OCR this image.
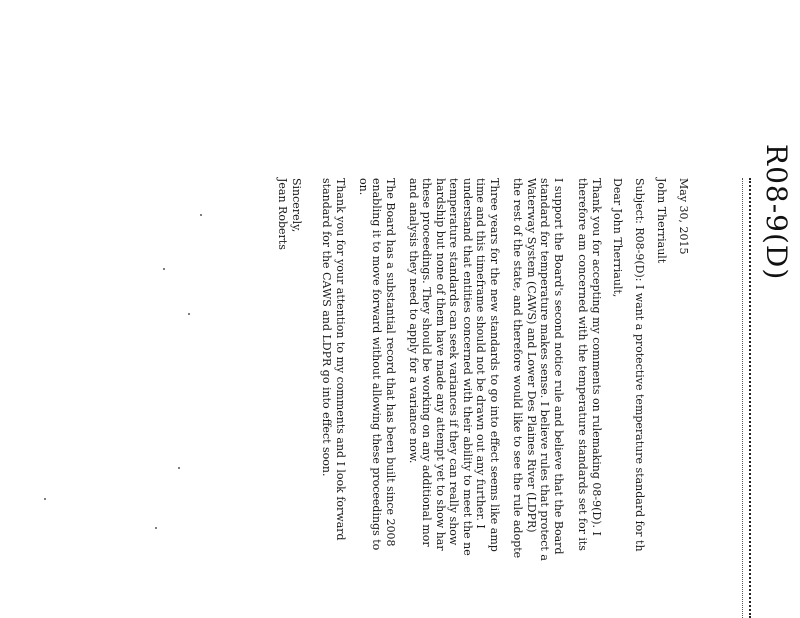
R08-9(D)
May 30, 2015
John Therriault
Subject: R08-9(D): I want a protective temperature standard for th
Dear John Therriault,
Thank you for accepting my comments on rulemaking 08-9(D). I
therefore am concerned with the temperature standards set for its
I support the Board's second notice rule and believe that the Board
standard for temperature makes sense. I believe rules that protect a
Waterway System (CAWS) and Lower Des Plaines River (LDPR)
the rest of the state, and therefore would like to see the rule adopte
Three years for the new standards to go into effect seems like amp
time and this timeframe should not be drawn out any further. I
understand that entities concerned with their ability to meet the ne
temperature standards can seek variances if they can really show
hardship but none of them have made any attempt yet to show har
these proceedings. They should be working on any additional mor
and analysis they need to apply for a variance now.
The Board has a substantial record that has been built since 2008
enabling it to move forward without allowing these proceedings to
on.
Thank you for your attention to my comments and I look forward
standard for the CAWS and LDPR go into effect soon.
Sincerely,
Jean Roberts
